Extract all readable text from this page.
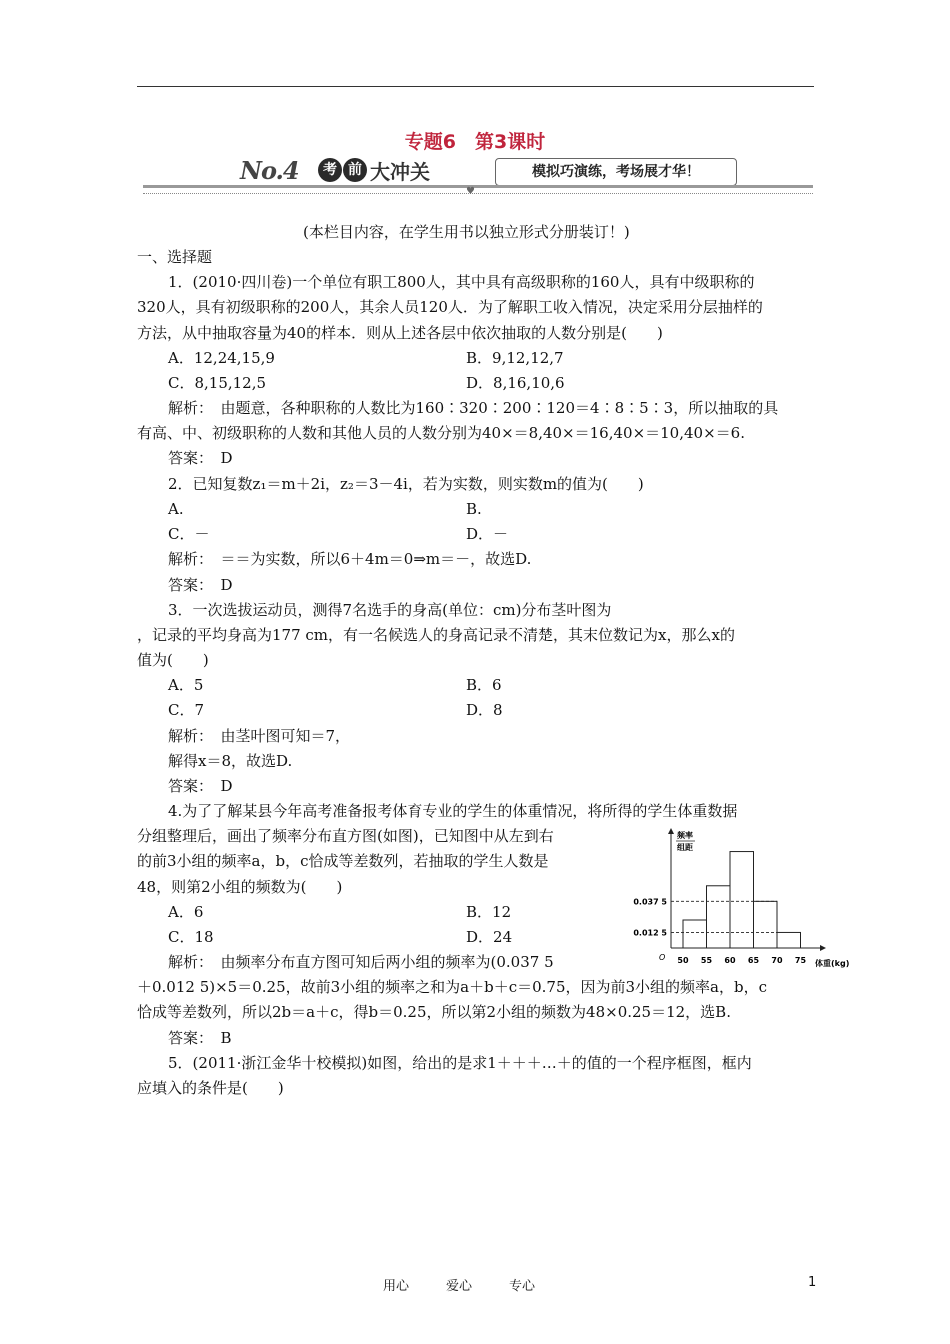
专题6　第3课时
No.4	考 前 大冲关	模拟巧演练，考场展才华！
♥
(本栏目内容，在学生用书以独立形式分册装订！)
一、选择题
1．(2010·四川卷)一个单位有职工800人，其中具有高级职称的160人，具有中级职称的
320人，具有初级职称的200人，其余人员120人．为了解职工收入情况，决定采用分层抽样的
方法，从中抽取容量为40的样本．则从上述各层中依次抽取的人数分别是(　　)
A．12,24,15,9	B．9,12,12,7
C．8,15,12,5	D．8,16,10,6
解析：　由题意，各种职称的人数比为160∶320∶200∶120＝4∶8∶5∶3，所以抽取的具
有高、中、初级职称的人数和其他人员的人数分别为40×＝8,40×＝16,40×＝10,40×＝6.
答案：　D
2．已知复数z₁＝m＋2i，z₂＝3－4i，若为实数，则实数m的值为(　　)
A.	B.
C．－	D．－
解析：　＝＝为实数，所以6＋4m＝0⇒m＝－，故选D.
答案：　D
3．一次选拔运动员，测得7名选手的身高(单位：cm)分布茎叶图为
，记录的平均身高为177 cm，有一名候选人的身高记录不清楚，其末位数记为x，那么x的
值为(　　)
A．5	B．6
C．7	D．8
解析：　由茎叶图可知＝7，
解得x＝8，故选D.
答案：　D
4.为了了解某县今年高考准备报考体育专业的学生的体重情况，将所得的学生体重数据
分组整理后，画出了频率分布直方图(如图)，已知图中从左到右
的前3小组的频率a，b，c恰成等差数列，若抽取的学生人数是
48，则第2小组的频数为(　　)
A．6	B．12
C．18	D．24
解析：　由频率分布直方图可知后两小组的频率为(0.037 5
＋0.012 5)×5＝0.25，故前3小组的频率之和为a＋b＋c＝0.75，因为前3小组的频率a，b，c
恰成等差数列，所以2b＝a＋c，得b＝0.25，所以第2小组的频数为48×0.25＝12，选B.
答案：　B
5．(2011·浙江金华十校模拟)如图，给出的是求1＋＋＋…＋的值的一个程序框图，框内
应填入的条件是(　　)
频率
组距
O
体重(kg)
50 55 60 65 70 75
0.037 5
0.012 5
用心	爱心	专心	1
